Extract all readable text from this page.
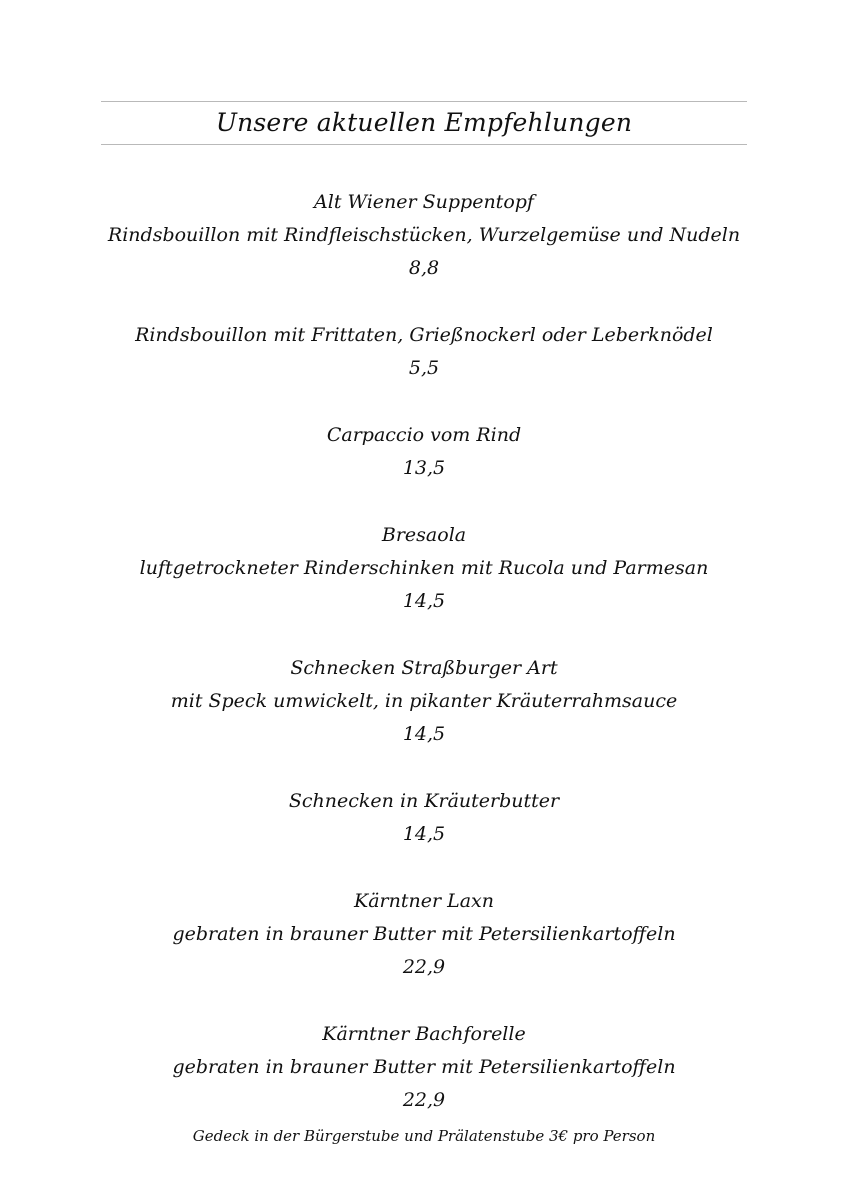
Unsere aktuellen Empfehlungen
Alt Wiener Suppentopf
Rindsbouillon mit Rindfleischstücken, Wurzelgemüse und Nudeln
8,8
Rindsbouillon mit Frittaten, Grießnockerl oder Leberknödel
5,5
Carpaccio vom Rind
13,5
Bresaola
luftgetrockneter Rinderschinken mit Rucola und Parmesan
14,5
Schnecken Straßburger Art
mit Speck umwickelt, in pikanter Kräuterrahmsauce
14,5
Schnecken in Kräuterbutter
14,5
Kärntner Laxn
gebraten in brauner Butter mit Petersilienkartoffeln
22,9
Kärntner Bachforelle
gebraten in brauner Butter mit Petersilienkartoffeln
22,9
Gedeck in der Bürgerstube und Prälatenstube 3€ pro Person
